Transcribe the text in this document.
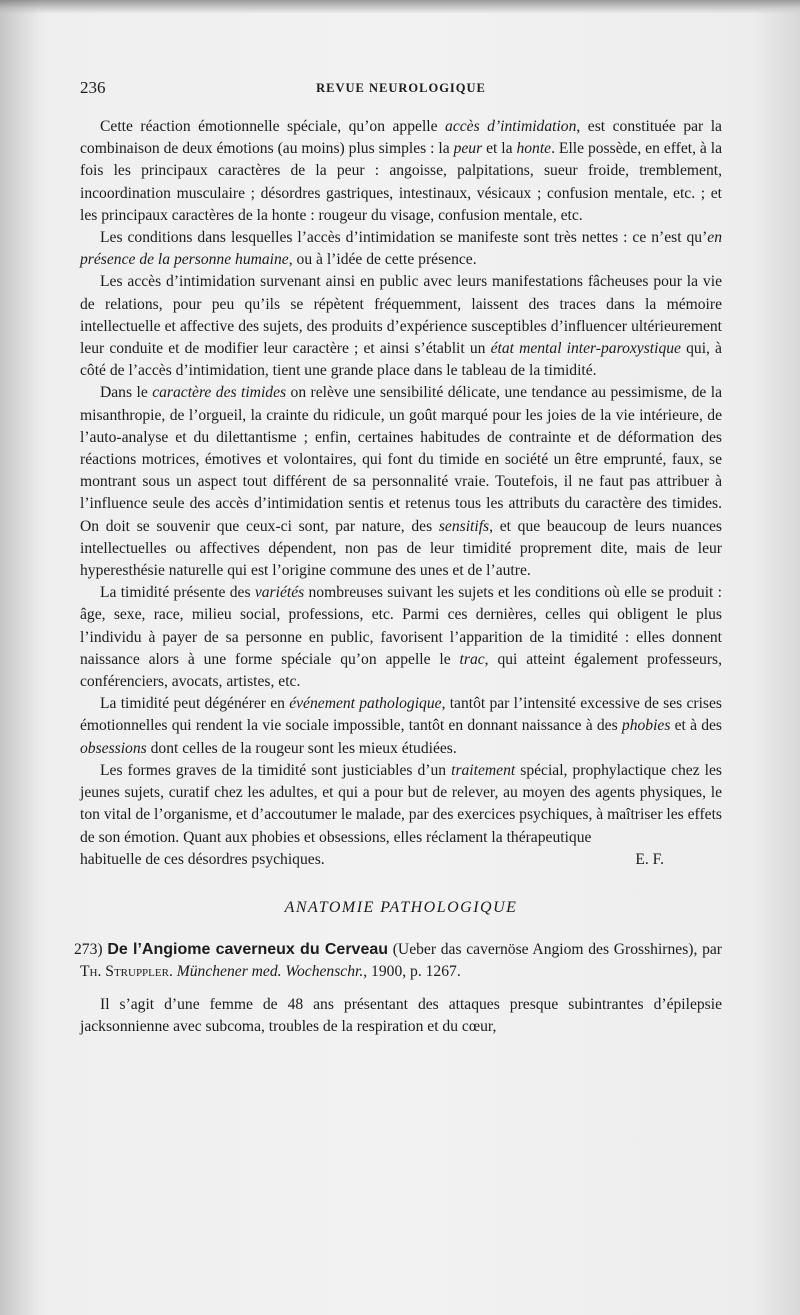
236	REVUE NEUROLOGIQUE

Cette réaction émotionnelle spéciale, qu’on appelle accès d’intimidation, est constituée par la combinaison de deux émotions (au moins) plus simples : la peur et la honte. Elle possède, en effet, à la fois les principaux caractères de la peur : angoisse, palpitations, sueur froide, tremblement, incoordination musculaire ; désordres gastriques, intestinaux, vésicaux ; confusion mentale, etc. ; et les principaux caractères de la honte : rougeur du visage, confusion mentale, etc.

Les conditions dans lesquelles l’accès d’intimidation se manifeste sont très nettes : ce n’est qu’en présence de la personne humaine, ou à l’idée de cette présence.

Les accès d’intimidation survenant ainsi en public avec leurs manifestations fâcheuses pour la vie de relations, pour peu qu’ils se répètent fréquemment, laissent des traces dans la mémoire intellectuelle et affective des sujets, des produits d’expérience susceptibles d’influencer ultérieurement leur conduite et de modifier leur caractère ; et ainsi s’établit un état mental inter-paroxystique qui, à côté de l’accès d’intimidation, tient une grande place dans le tableau de la timidité.

Dans le caractère des timides on relève une sensibilité délicate, une tendance au pessimisme, de la misanthropie, de l’orgueil, la crainte du ridicule, un goût marqué pour les joies de la vie intérieure, de l’auto-analyse et du dilettantisme ; enfin, certaines habitudes de contrainte et de déformation des réactions motrices, émotives et volontaires, qui font du timide en société un être emprunté, faux, se montrant sous un aspect tout différent de sa personnalité vraie. Toutefois, il ne faut pas attribuer à l’influence seule des accès d’intimidation sentis et retenus tous les attributs du caractère des timides. On doit se souvenir que ceux-ci sont, par nature, des sensitifs, et que beaucoup de leurs nuances intellectuelles ou affectives dépendent, non pas de leur timidité proprement dite, mais de leur hyperesthésie naturelle qui est l’origine commune des unes et de l’autre.

La timidité présente des variétés nombreuses suivant les sujets et les conditions où elle se produit : âge, sexe, race, milieu social, professions, etc. Parmi ces dernières, celles qui obligent le plus l’individu à payer de sa personne en public, favorisent l’apparition de la timidité : elles donnent naissance alors à une forme spéciale qu’on appelle le trac, qui atteint également professeurs, conférenciers, avocats, artistes, etc.

La timidité peut dégénérer en événement pathologique, tantôt par l’intensité excessive de ses crises émotionnelles qui rendent la vie sociale impossible, tantôt en donnant naissance à des phobies et à des obsessions dont celles de la rougeur sont les mieux étudiées.

Les formes graves de la timidité sont justiciables d’un traitement spécial, prophylactique chez les jeunes sujets, curatif chez les adultes, et qui a pour but de relever, au moyen des agents physiques, le ton vital de l’organisme, et d’accoutumer le malade, par des exercices psychiques, à maîtriser les effets de son émotion. Quant aux phobies et obsessions, elles réclament la thérapeutique

habituelle de ces désordres psychiques.	E. F.

ANATOMIE PATHOLOGIQUE

273) De l’Angiome caverneux du Cerveau (Ueber das cavernöse Angiom des Grosshirnes), par Th. Struppler. Münchener med. Wochenschr., 1900, p. 1267.

Il s’agit d’une femme de 48 ans présentant des attaques presque subintrantes d’épilepsie jacksonnienne avec subcoma, troubles de la respiration et du cœur,
